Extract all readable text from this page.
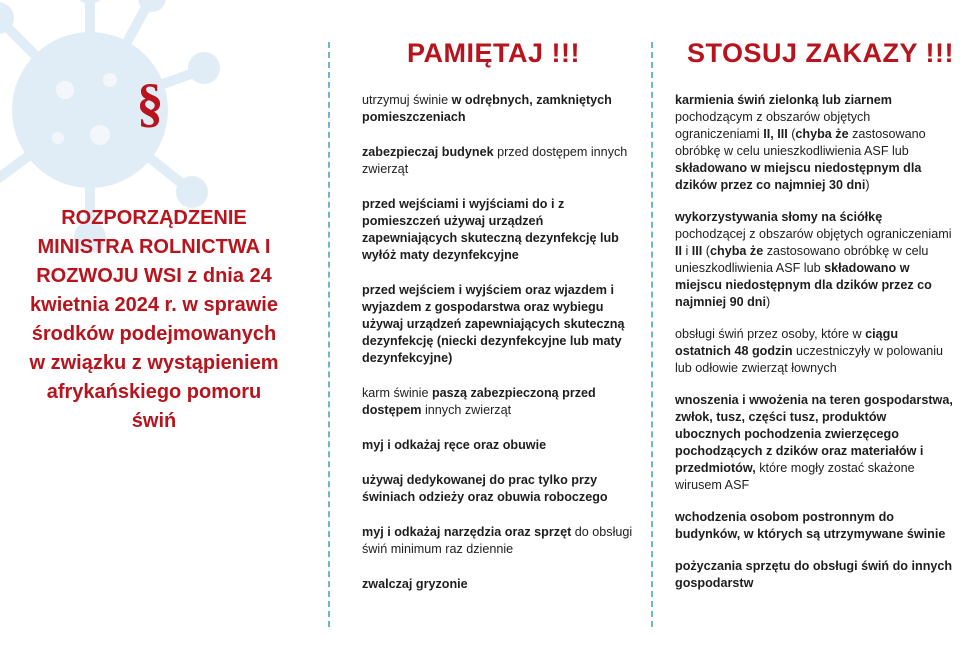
§
ROZPORZĄDZENIE MINISTRA ROLNICTWA I ROZWOJU WSI z dnia 24 kwietnia 2024 r. w sprawie środków podejmowanych w związku z wystąpieniem afrykańskiego pomoru świń
PAMIĘTAJ !!!
utrzymuj świnie w odrębnych, zamkniętych pomieszczeniach
zabezpieczaj budynek przed dostępem innych zwierząt
przed wejściami i wyjściami do i z pomieszczeń używaj urządzeń zapewniających skuteczną dezynfekcję lub wyłóż maty dezynfekcyjne
przed wejściem i wyjściem oraz wjazdem i wyjazdem z gospodarstwa oraz wybiegu używaj urządzeń zapewniających skuteczną dezynfekcję (niecki dezynfekcyjne lub maty dezynfekcyjne)
karm świnie paszą zabezpieczoną przed dostępem innych zwierząt
myj i odkażaj ręce oraz obuwie
używaj dedykowanej do prac tylko przy świniach odzieży oraz obuwia roboczego
myj i odkażaj narzędzia oraz sprzęt do obsługi świń minimum raz dziennie
zwalczaj gryzonie
STOSUJ ZAKAZY !!!
karmienia świń zielonką lub ziarnem pochodzącym z obszarów objętych ograniczeniami II, III (chyba że zastosowano obróbkę w celu unieszkodliwienia ASF lub składowano w miejscu niedostępnym dla dzików przez co najmniej 30 dni)
wykorzystywania słomy na ściółkę pochodzącej z obszarów objętych ograniczeniami II i III (chyba że zastosowano obróbkę w celu unieszkodliwienia ASF lub składowano w miejscu niedostępnym dla dzików przez co najmniej 90 dni)
obsługi świń przez osoby, które w ciągu ostatnich 48 godzin uczestniczyły w polowaniu lub odłowie zwierząt łownych
wnoszenia i wwożenia na teren gospodarstwa, zwłok, tusz, części tusz, produktów ubocznych pochodzenia zwierzęcego pochodzących z dzików oraz materiałów i przedmiotów, które mogły zostać skażone wirusem ASF
wchodzenia osobom postronnym do budynków, w których są utrzymywane świnie
pożyczania sprzętu do obsługi świń do innych gospodarstw
